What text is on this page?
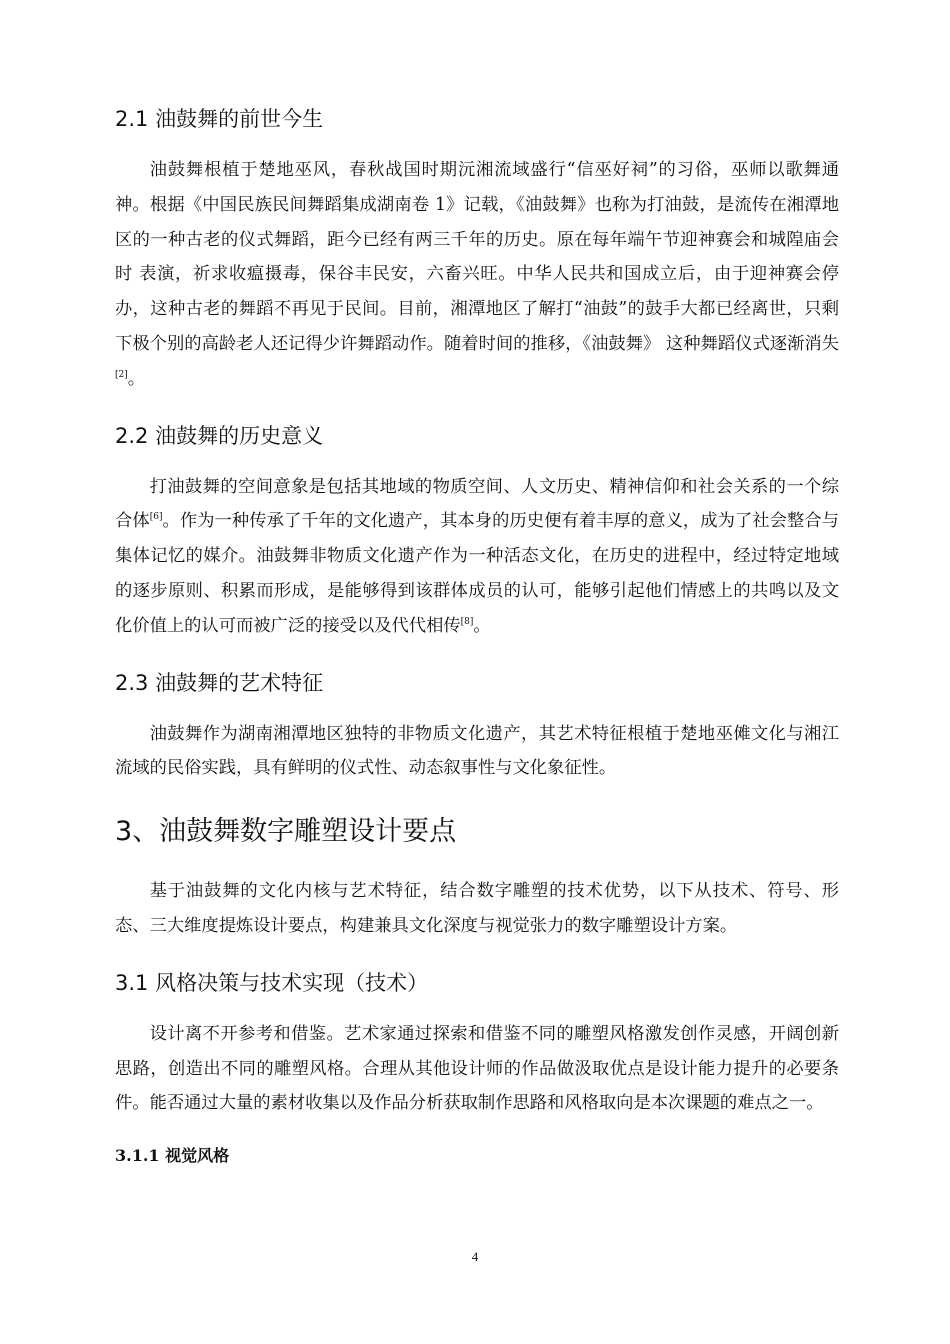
2.1 油鼓舞的前世今生

油鼓舞根植于楚地巫风，春秋战国时期沅湘流域盛行“信巫好祠”的习俗，巫师以歌舞通神。根据《中国民族民间舞蹈集成湖南卷 1》记载，《油鼓舞》也称为打油鼓，是流传在湘潭地区的一种古老的仪式舞蹈，距今已经有两三千年的历史。原在每年端午节迎神赛会和城隍庙会时 表演，祈求收瘟摄毒，保谷丰民安，六畜兴旺。中华人民共和国成立后，由于迎神赛会停办，这种古老的舞蹈不再见于民间。目前，湘潭地区了解打“油鼓”的鼓手大都已经离世，只剩下极个别的高龄老人还记得少许舞蹈动作。随着时间的推移，《油鼓舞》 这种舞蹈仪式逐渐消失[2]。

2.2 油鼓舞的历史意义

打油鼓舞的空间意象是包括其地域的物质空间、人文历史、精神信仰和社会关系的一个综合体[6]。作为一种传承了千年的文化遗产，其本身的历史便有着丰厚的意义，成为了社会整合与集体记忆的媒介。油鼓舞非物质文化遗产作为一种活态文化，在历史的进程中，经过特定地域的逐步原则、积累而形成，是能够得到该群体成员的认可，能够引起他们情感上的共鸣以及文化价值上的认可而被广泛的接受以及代代相传[8]。

2.3 油鼓舞的艺术特征

油鼓舞作为湖南湘潭地区独特的非物质文化遗产，其艺术特征根植于楚地巫傩文化与湘江流域的民俗实践，具有鲜明的仪式性、动态叙事性与文化象征性。

3、油鼓舞数字雕塑设计要点

基于油鼓舞的文化内核与艺术特征，结合数字雕塑的技术优势，以下从技术、符号、形态、三大维度提炼设计要点，构建兼具文化深度与视觉张力的数字雕塑设计方案。

3.1 风格决策与技术实现（技术）

设计离不开参考和借鉴。艺术家通过探索和借鉴不同的雕塑风格激发创作灵感，开阔创新思路，创造出不同的雕塑风格。合理从其他设计师的作品做汲取优点是设计能力提升的必要条件。能否通过大量的素材收集以及作品分析获取制作思路和风格取向是本次课题的难点之一。

3.1.1 视觉风格
4
